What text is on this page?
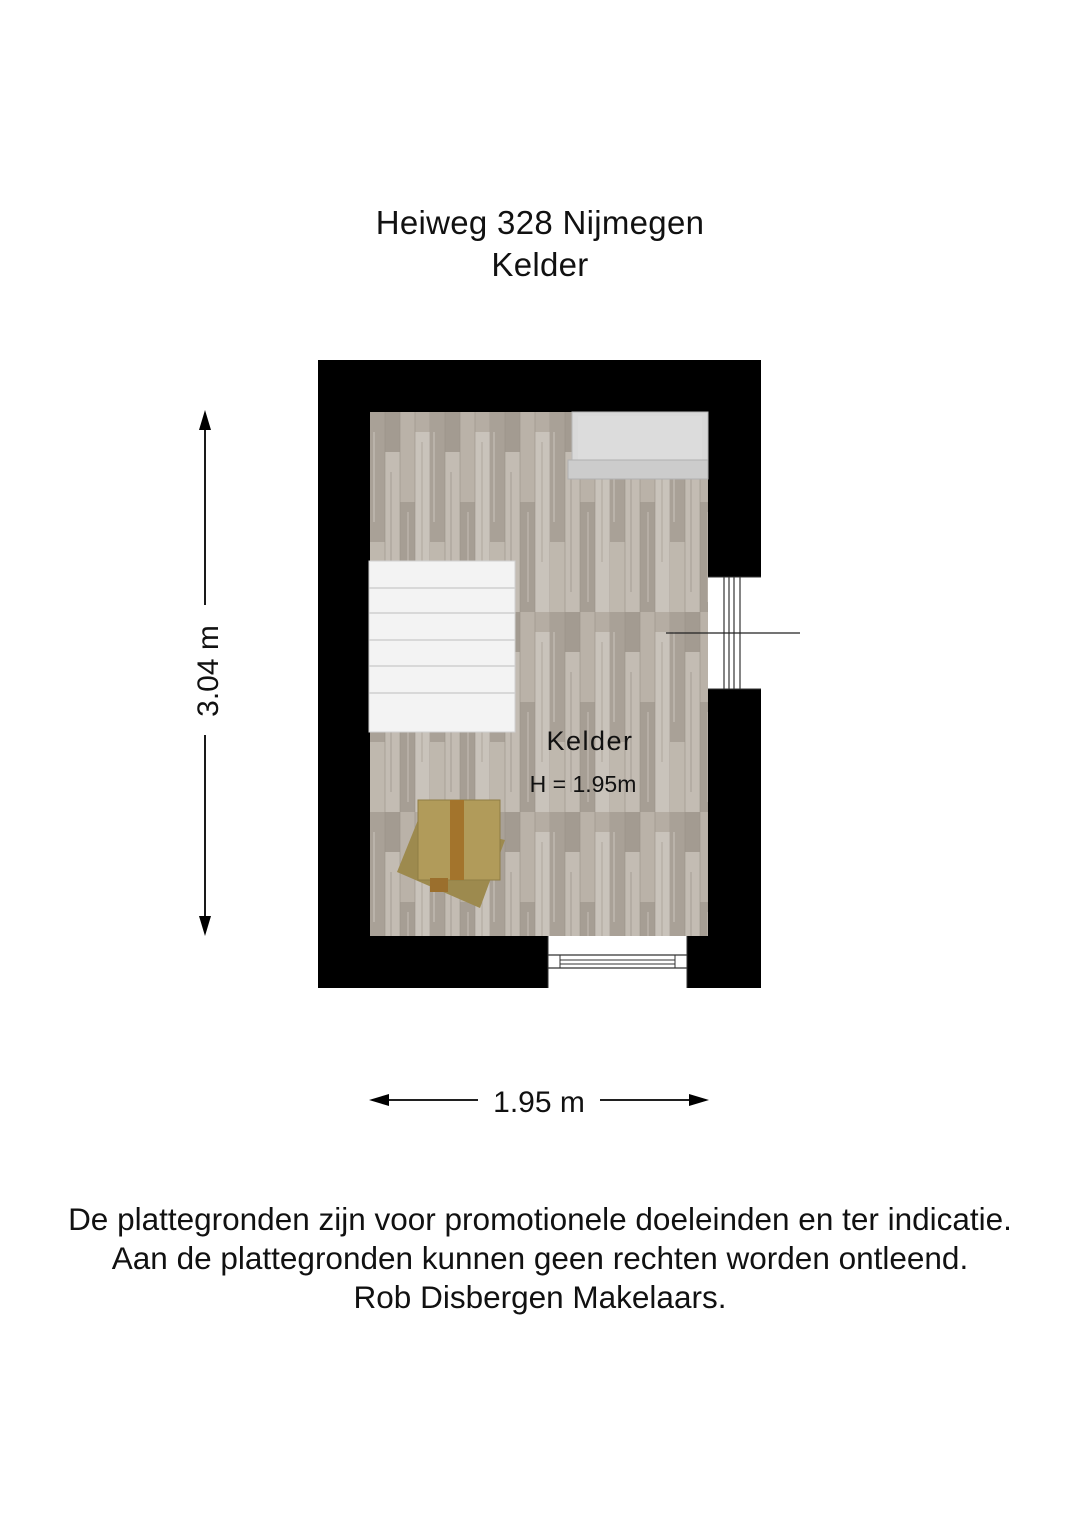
Heiweg 328 Nijmegen
Kelder
Kelder
H = 1.95m
3.04 m
1.95 m
De plattegronden zijn voor promotionele doeleinden en ter indicatie.
Aan de plattegronden kunnen geen rechten worden ontleend.
Rob Disbergen Makelaars.
